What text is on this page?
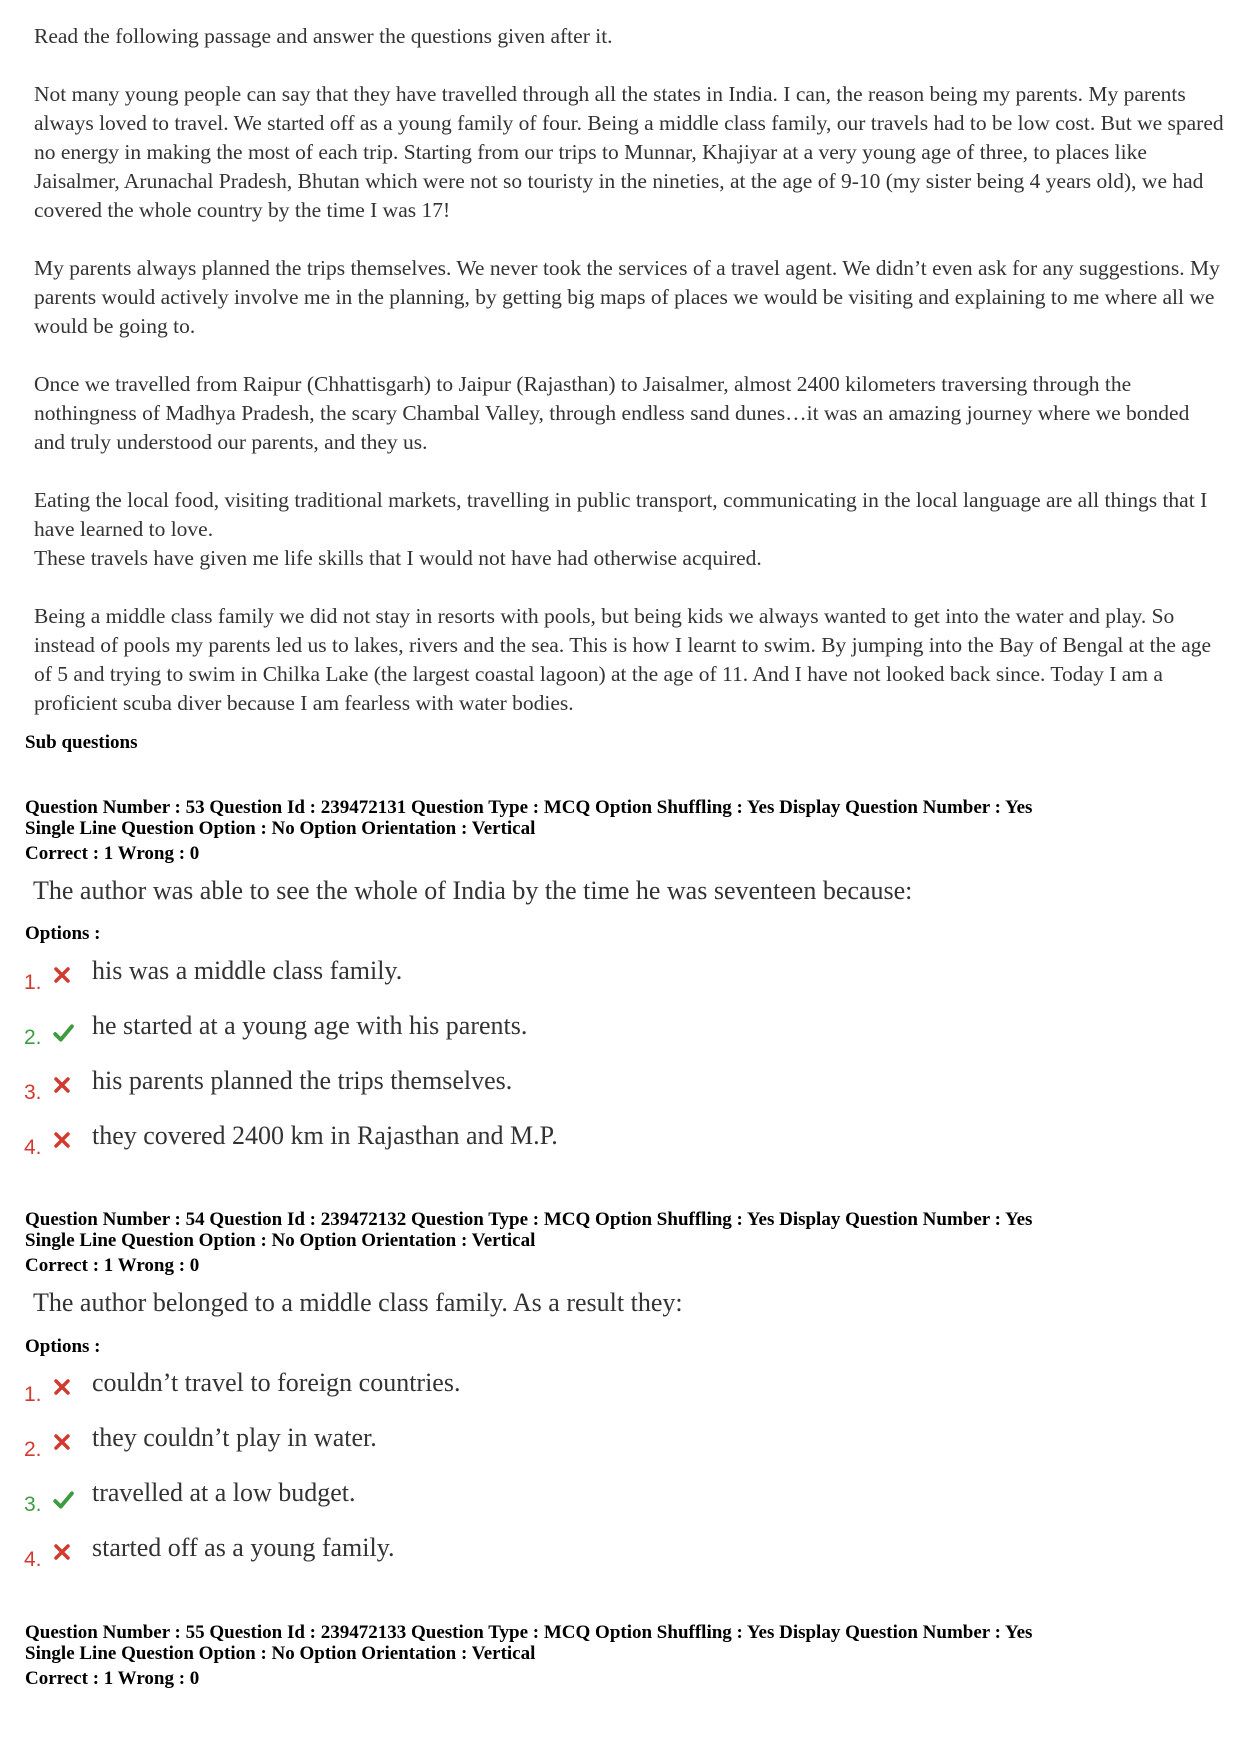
Read the following passage and answer the questions given after it.

Not many young people can say that they have travelled through all the states in India. I can, the reason being my parents. My parents always loved to travel. We started off as a young family of four. Being a middle class family, our travels had to be low cost. But we spared no energy in making the most of each trip. Starting from our trips to Munnar, Khajiyar at a very young age of three, to places like Jaisalmer, Arunachal Pradesh, Bhutan which were not so touristy in the nineties, at the age of 9-10 (my sister being 4 years old), we had covered the whole country by the time I was 17!

My parents always planned the trips themselves. We never took the services of a travel agent. We didn’t even ask for any suggestions. My parents would actively involve me in the planning, by getting big maps of places we would be visiting and explaining to me where all we would be going to.

Once we travelled from Raipur (Chhattisgarh) to Jaipur (Rajasthan) to Jaisalmer, almost 2400 kilometers traversing through the nothingness of Madhya Pradesh, the scary Chambal Valley, through endless sand dunes…it was an amazing journey where we bonded and truly understood our parents, and they us.

Eating the local food, visiting traditional markets, travelling in public transport, communicating in the local language are all things that I have learned to love.

These travels have given me life skills that I would not have had otherwise acquired.

Being a middle class family we did not stay in resorts with pools, but being kids we always wanted to get into the water and play. So instead of pools my parents led us to lakes, rivers and the sea. This is how I learnt to swim. By jumping into the Bay of Bengal at the age of 5 and trying to swim in Chilka Lake (the largest coastal lagoon) at the age of 11. And I have not looked back since. Today I am a proficient scuba diver because I am fearless with water bodies.

Sub questions
Question Number : 53 Question Id : 239472131 Question Type : MCQ Option Shuffling : Yes Display Question Number : Yes
Single Line Question Option : No Option Orientation : Vertical
Correct : 1 Wrong : 0
The author was able to see the whole of India by the time he was seventeen because:
Options :
1. his was a middle class family.
2. he started at a young age with his parents.
3. his parents planned the trips themselves.
4. they covered 2400 km in Rajasthan and M.P.
Question Number : 54 Question Id : 239472132 Question Type : MCQ Option Shuffling : Yes Display Question Number : Yes
Single Line Question Option : No Option Orientation : Vertical
Correct : 1 Wrong : 0
The author belonged to a middle class family. As a result they:
Options :
1. couldn’t travel to foreign countries.
2. they couldn’t play in water.
3. travelled at a low budget.
4. started off as a young family.
Question Number : 55 Question Id : 239472133 Question Type : MCQ Option Shuffling : Yes Display Question Number : Yes
Single Line Question Option : No Option Orientation : Vertical
Correct : 1 Wrong : 0
